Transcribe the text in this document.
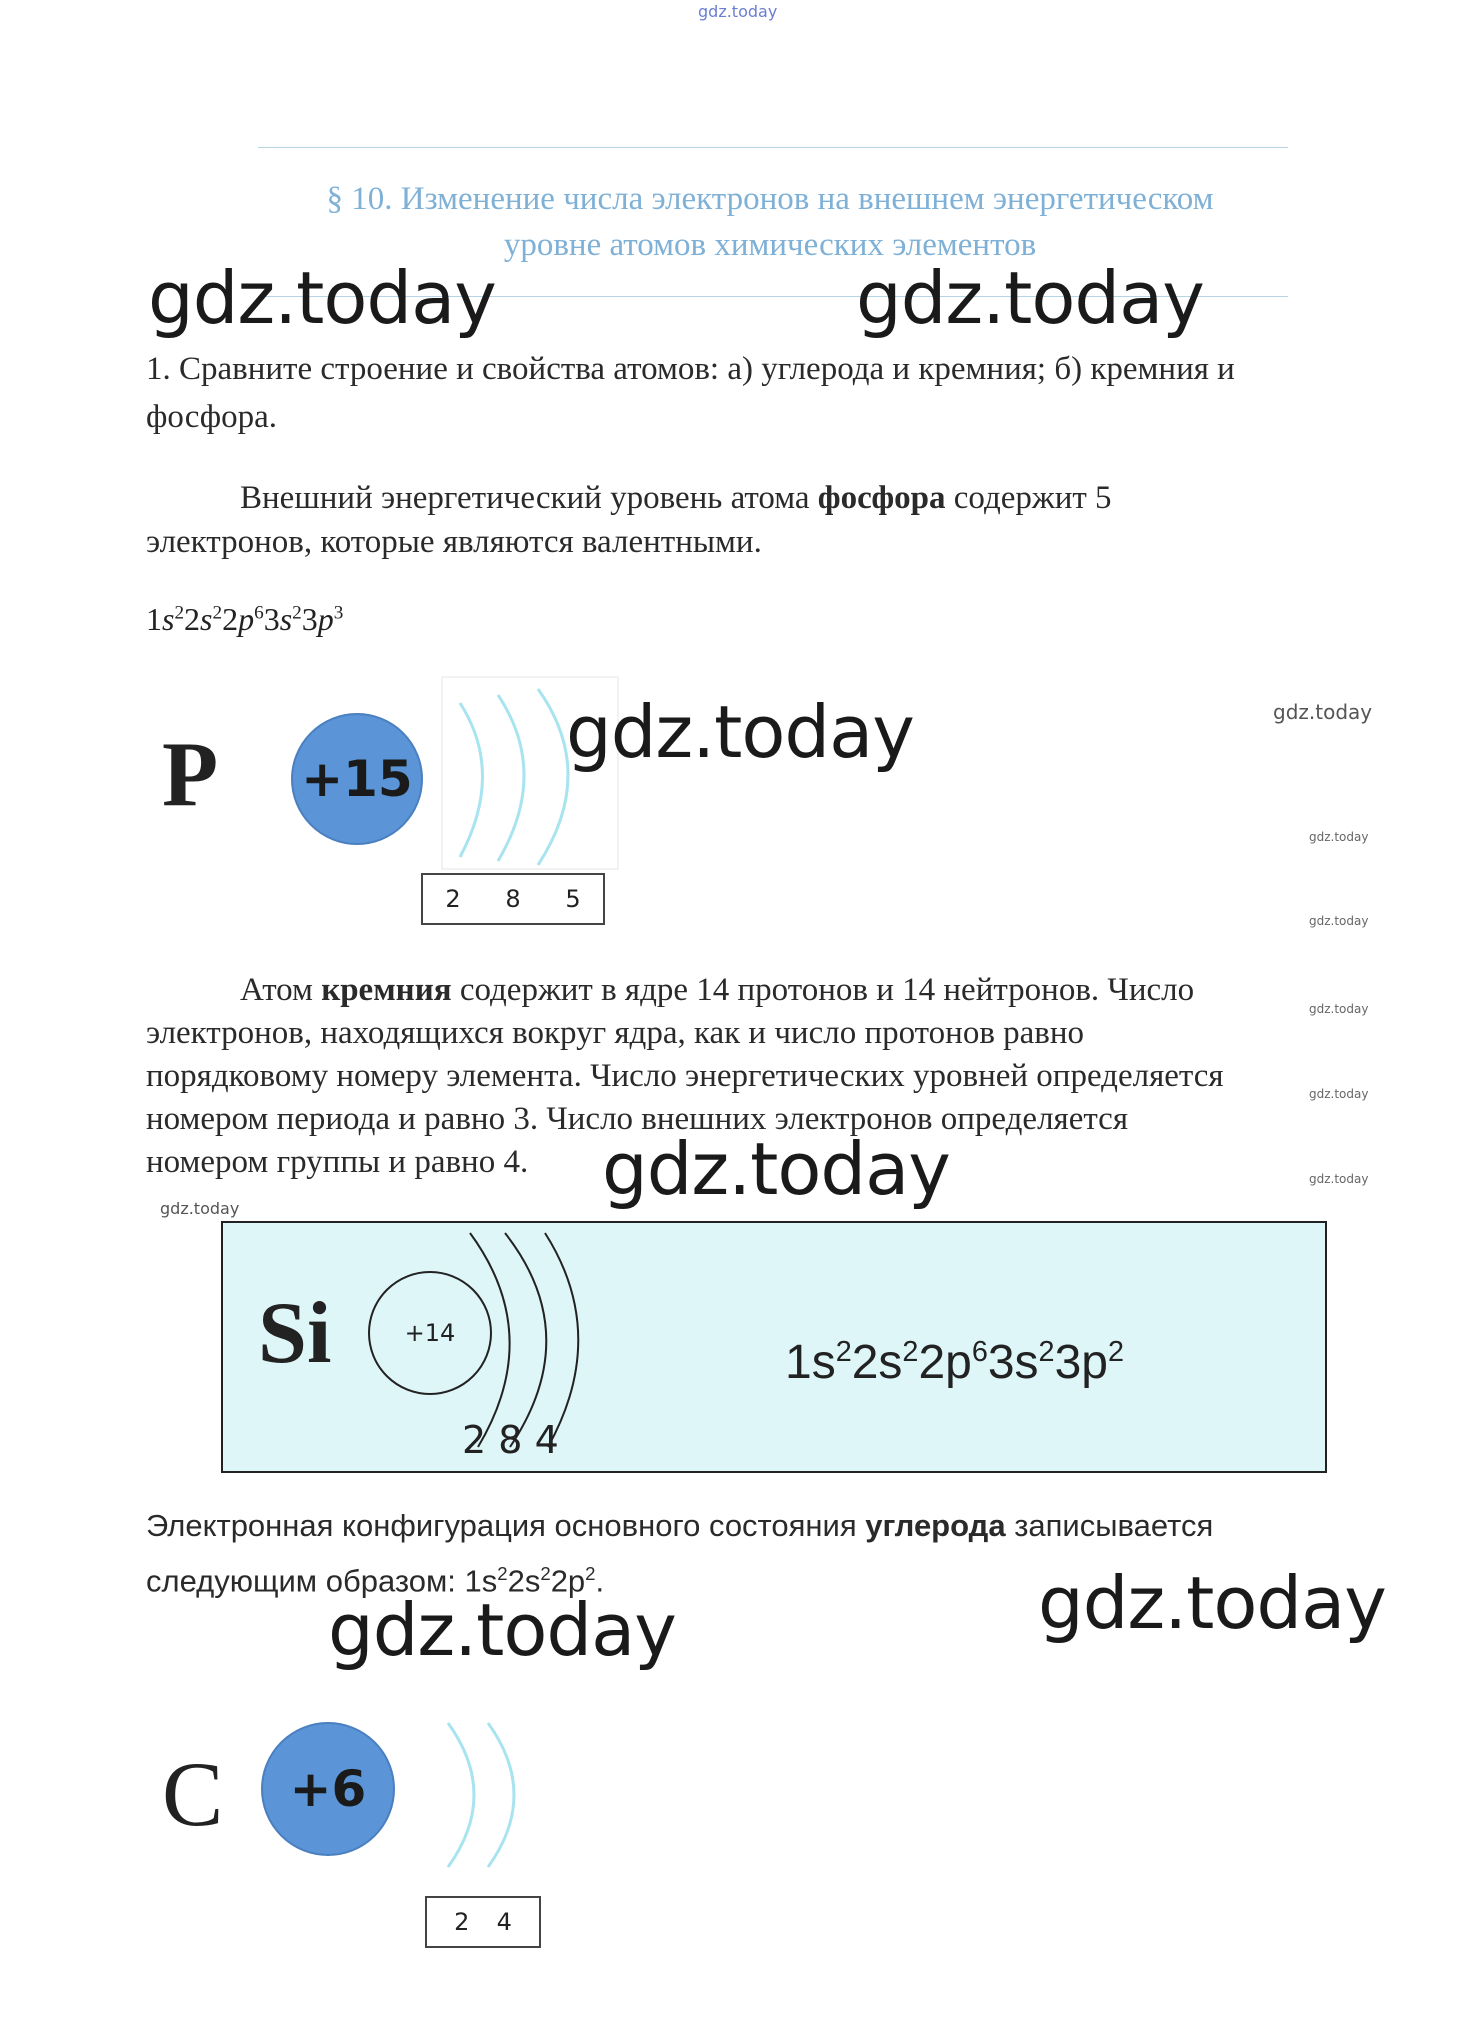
gdz.today
§ 10. Изменение числа электронов на внешнем энергетическом
уровне атомов химических элементов
gdz.today	gdz.today
1. Сравните строение и свойства атомов: а) углерода и кремния; б) кремния и
фосфора.
Внешний энергетический уровень атома фосфора содержит 5
электронов, которые являются валентными.
$1s^22s^22p^63s^23p^3$
P +15
2 8 5
gdz.today	gdz.today
gdz.today
gdz.today
Атом кремния содержит в ядре 14 протонов и 14 нейтронов. Число
электронов, находящихся вокруг ядра, как и число протонов равно
порядковому номеру элемента. Число энергетических уровней определяется
номером периода и равно 3. Число внешних электронов определяется
номером группы и равно 4.
gdz.today
gdz.today
gdz.today	gdz.today
gdz.today
Si	+14
2 8 4
$1s^22s^22p^63s^23p^2$
Электронная конфигурация основного состояния углерода записывается
следующим образом: $1s^22s^22p^2$.	gdz.today
gdz.today
C	+6
2 4
